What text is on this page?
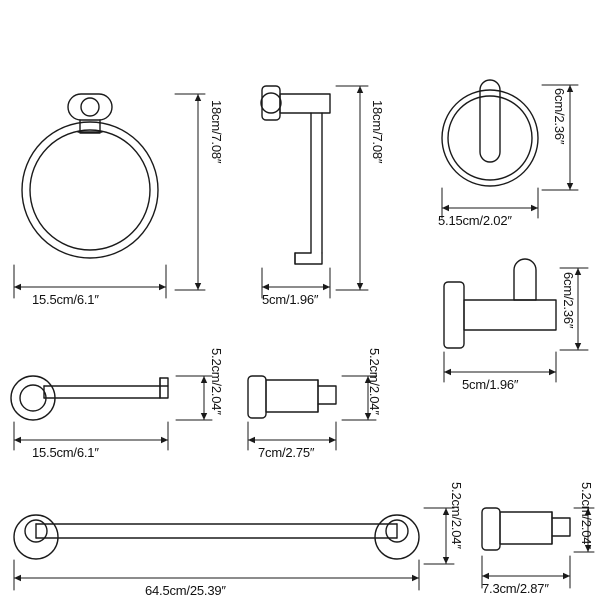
15.5cm/6.1″
18cm/7.08″
5cm/1.96″
18cm/7.08″
5.15cm/2.02″
6cm/2.36″
5cm/1.96″
6cm/2.36″
15.5cm/6.1″
5.2cm/2.04″
7cm/2.75″
5.2cm/2.04″
64.5cm/25.39″
5.2cm/2.04″
7.3cm/2.87″
5.2cm/2.04″
